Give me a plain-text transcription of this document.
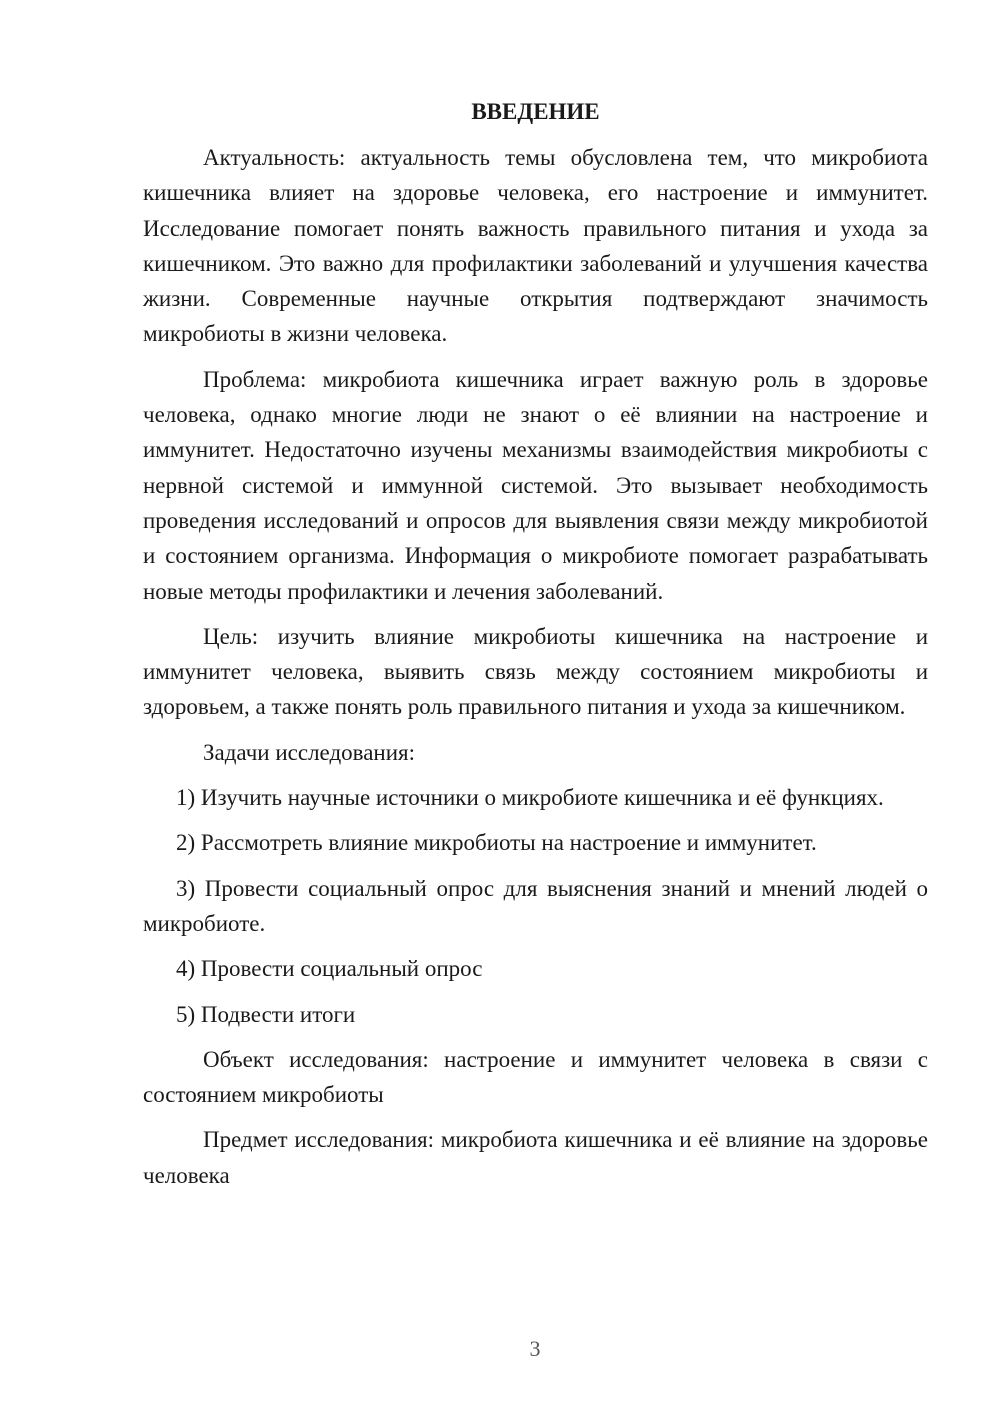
ВВЕДЕНИЕ

Актуальность: актуальность темы обусловлена тем, что микробиота кишечника влияет на здоровье человека, его настроение и иммунитет. Исследование помогает понять важность правильного питания и ухода за кишечником. Это важно для профилактики заболеваний и улучшения качества жизни. Современные научные открытия подтверждают значимость микробиоты в жизни человека.

Проблема: микробиота кишечника играет важную роль в здоровье человека, однако многие люди не знают о её влиянии на настроение и иммунитет. Недостаточно изучены механизмы взаимодействия микробиоты с нервной системой и иммунной системой. Это вызывает необходимость проведения исследований и опросов для выявления связи между микробиотой и состоянием организма. Информация о микробиоте помогает разрабатывать новые методы профилактики и лечения заболеваний.

Цель: изучить влияние микробиоты кишечника на настроение и иммунитет человека, выявить связь между состоянием микробиоты и здоровьем, а также понять роль правильного питания и ухода за кишечником.

Задачи исследования:

1) Изучить научные источники о микробиоте кишечника и её функциях.

2) Рассмотреть влияние микробиоты на настроение и иммунитет.

3) Провести социальный опрос для выяснения знаний и мнений людей о микробиоте.

4) Провести социальный опрос

5) Подвести итоги

Объект исследования: настроение и иммунитет человека в связи с состоянием микробиоты

Предмет исследования: микробиота кишечника и её влияние на здоровье человека

3
